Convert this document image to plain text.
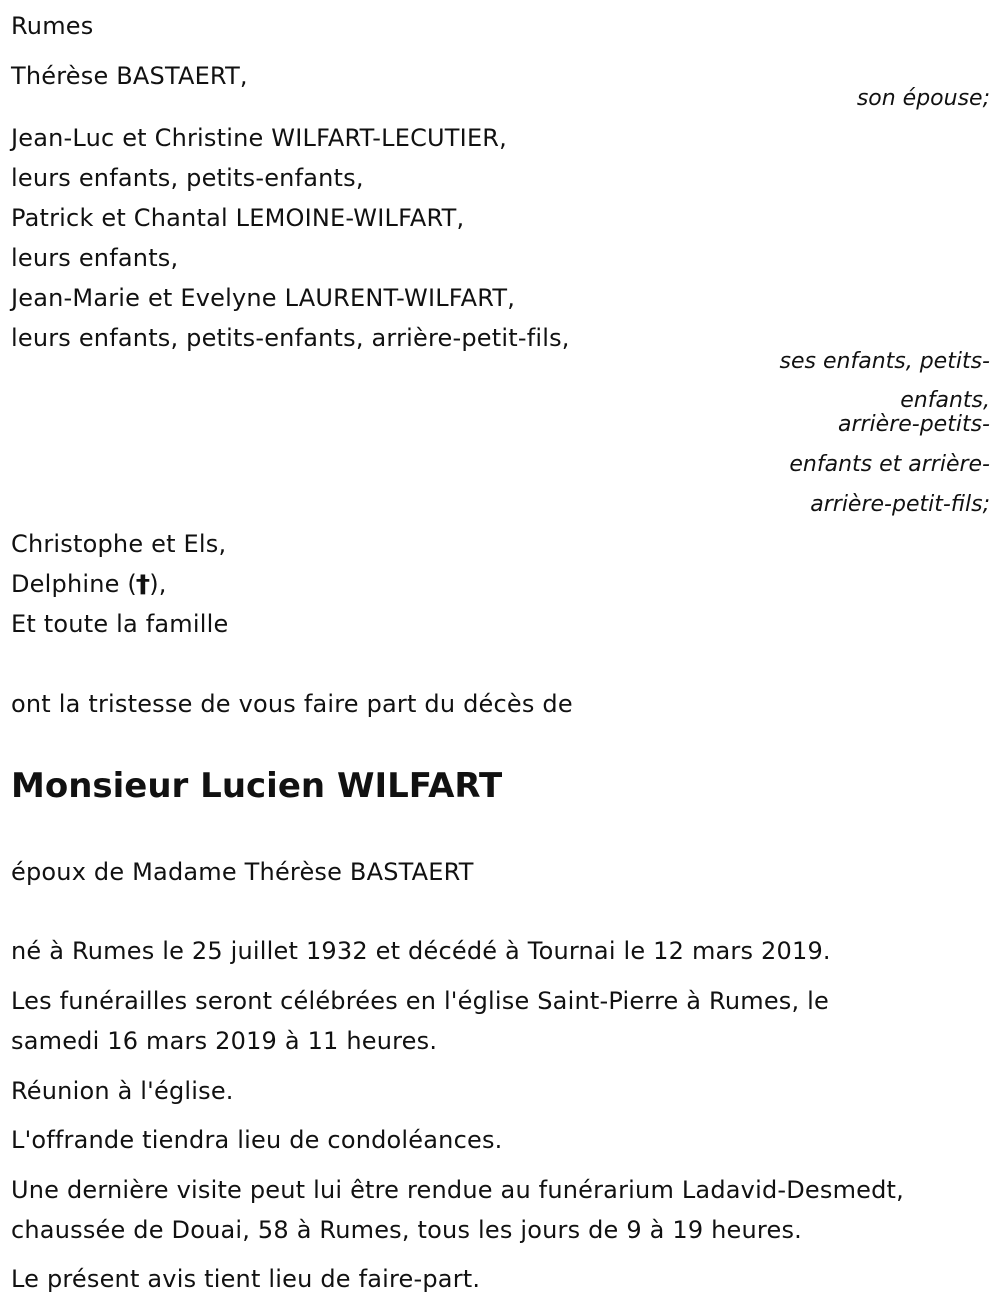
Rumes
Thérèse BASTAERT,
son épouse;
Jean-Luc et Christine WILFART-LECUTIER,
leurs enfants, petits-enfants,
Patrick et Chantal LEMOINE-WILFART,
leurs enfants,
Jean-Marie et Evelyne LAURENT-WILFART,
leurs enfants, petits-enfants, arrière-petit-fils,
ses enfants, petits-
enfants,
arrière-petits-
enfants et arrière-
arrière-petit-fils;
Christophe et Els,
Delphine (†),
Et toute la famille
ont la tristesse de vous faire part du décès de
Monsieur Lucien WILFART
époux de Madame Thérèse BASTAERT
né à Rumes le 25 juillet 1932 et décédé à Tournai le 12 mars 2019.
Les funérailles seront célébrées en l'église Saint-Pierre à Rumes, le
samedi 16 mars 2019 à 11 heures.
Réunion à l'église.
L'offrande tiendra lieu de condoléances.
Une dernière visite peut lui être rendue au funérarium Ladavid-Desmedt,
chaussée de Douai, 58 à Rumes, tous les jours de 9 à 19 heures.
Le présent avis tient lieu de faire-part.
